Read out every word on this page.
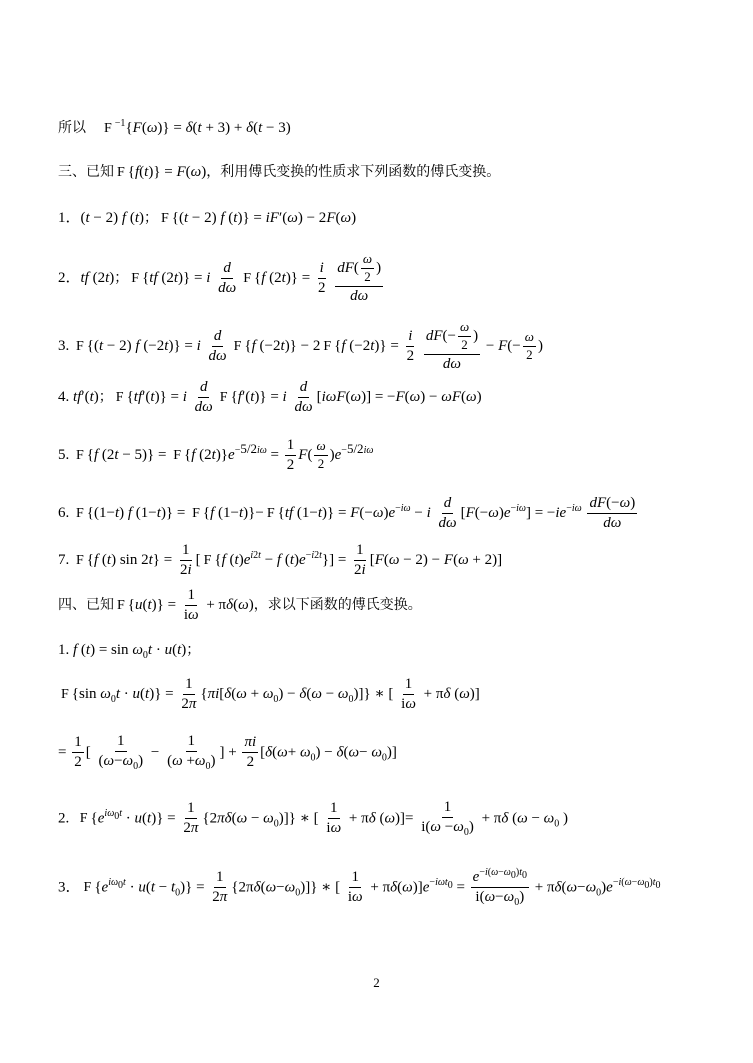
所以 F $^{-1}${F(ω)} = δ(t + 3) + δ(t − 3)
三、已知 F {f(t)} = F(ω)，利用傅氏变换的性质求下列函数的傅氏变换。
1．(t − 2) f (t)； F {(t − 2) f (t)} = iF′(ω) − 2F(ω)
2．tf (2t)； F {tf (2t)} = i $\frac{d}{d\omega}$ F {f $(2t)\} = \frac{i}{2}$
$\frac{dF( \frac{\omega}{2} )}{d\omega}$
3. F {(t − 2) f (−2t)} = i $\frac{d}{d\omega}$ F {f (−2t)} − 2 F {f $(-2t)\} = \frac{i}{2}$
$\frac{dF(- \frac{\omega}{2} )}{d\omega} - F(- \frac{\omega}{2}$ )
4. tf′(t)； F {tf′(t)} = i $\frac{d}{d\omega}$ F {f′(t)} = i $\frac{d}{d\omega} [i\omega F(\omega)] = -F(\omega) - \omega F(\omega)$
5. F {f (2t − 5)} = F {f $(2t)\}e^{-5/2i\omega} = \frac{1}{2} F( \frac{\omega}{2} )e^{-5/2i\omega}$
6. F {(1−t) f (1−t)} = F {f (1−t)}− F {tf $(1-t)\} = F(-\omega)e^{-i\omega} - i \frac{d}{d\omega} [F(-\omega)e^{-i\omega}] = -ie^{-i\omega} \frac{dF(-\omega)}{d\omega}$
7. F {f (t) $\sin 2t\} = \frac{1}{2i}$ [ F {f $(t)e^{i2t} - f$ $(t)e^{-i2t}\}] = \frac{1}{2i} [F(\omega - 2) - F(\omega + 2)]$
四、已知 F $\{u(t)\} = \frac{1}{i\omega} + \pi\delta(\omega)$，求以下函数的傅氏变换。
1. f $(t) = \sin \omega_0t \cdot u(t)$；
F {sin $\omega_0t \cdot u(t)\} = \frac{1}{2\pi} \{\pi i[\delta(\omega + \omega_0) - \delta(\omega - \omega_0)]\}$ ∗ [ $\frac{1}{i\omega} + \pi\delta$ (ω)]
= $\frac{1}{2}$ [ $\frac{1}{(\omega-\omega_0)} - \frac{1}{(\omega +\omega_0)}$ ] + $\frac{\pi i}{2} [\delta(\omega+ \omega_0) - \delta(\omega- \omega_0)]$
2.  F $\{e^{i\omega_0t} \cdot u(t)\} = \frac{1}{2\pi} \{2\pi\delta(\omega - \omega_0)]$} ∗ [ $\frac{1}{i\omega} + \pi\delta$ $(\omega)]= \frac{1}{i(\omega -\omega_0)} + \pi\delta$ ($\omega - \omega_0$ )
3． F $\{e^{i\omega_0t} \cdot u(t - t_0)\} = \frac{1}{2\pi} \{2\pi\delta(\omega-\omega_0)]$} ∗ [ $\frac{1}{i\omega} + \pi\delta(\omega)]e^{-i\omega t_0} = \frac{e^{-i(\omega-\omega_0)t_0}}{i(\omega-\omega_0)} + \pi\delta(\omega-\omega_0)e^{-i(\omega-\omega_0)t_0}$
2
